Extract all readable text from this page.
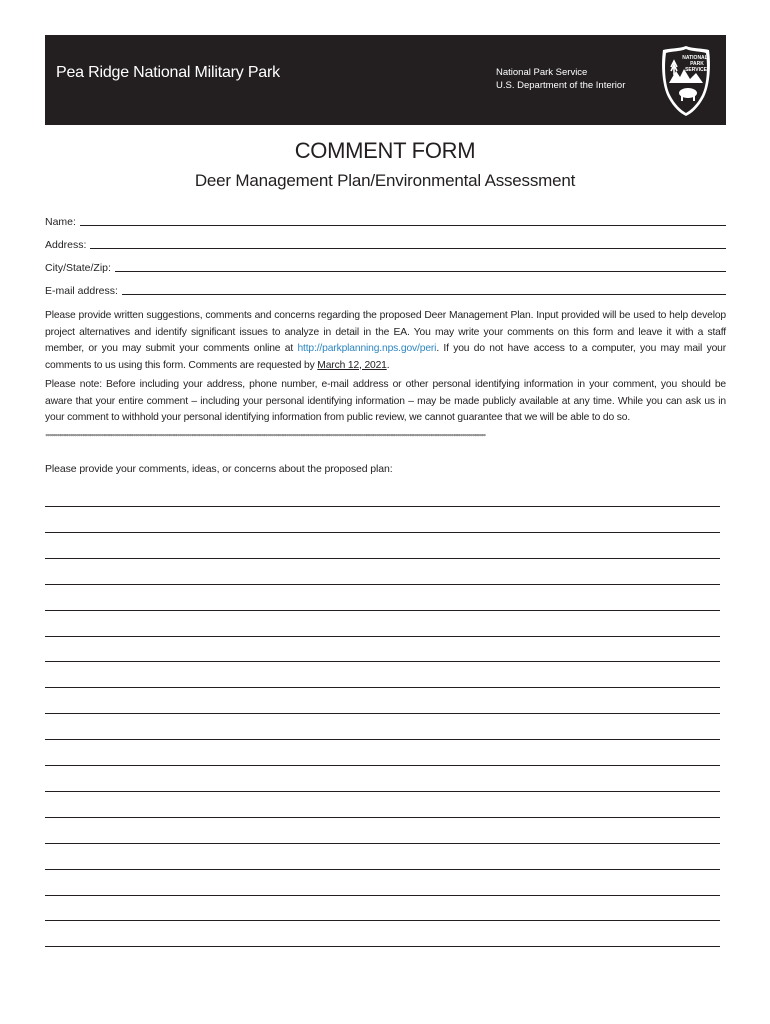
Pea Ridge National Military Park	National Park Service
U.S. Department of the Interior
NATIONAL
PARK
SERVICE
COMMENT FORM
Deer Management Plan/Environmental Assessment
Name:
Address:
City/State/Zip:
E-mail address:
Please provide written suggestions, comments and concerns regarding the proposed Deer Management Plan. Input provided will be used to help develop project alternatives and identify significant issues to analyze in detail in the EA. You may write your comments on this form and leave it with a staff member, or you may submit your comments online at http://parkplanning.nps.gov/peri. If you do not have access to a computer, you may mail your comments to us using this form. Comments are requested by March 12, 2021.
Please note: Before including your address, phone number, e-mail address or other personal identifying information in your comment, you should be aware that your entire comment – including your personal identifying information – may be made publicly available at any time. While you can ask us in your comment to withhold your personal identifying information from public review, we cannot guarantee that we will be able to do so.
**************************************************************************************************************************************************************************************************************************************
Please provide your comments, ideas, or concerns about the proposed plan:
